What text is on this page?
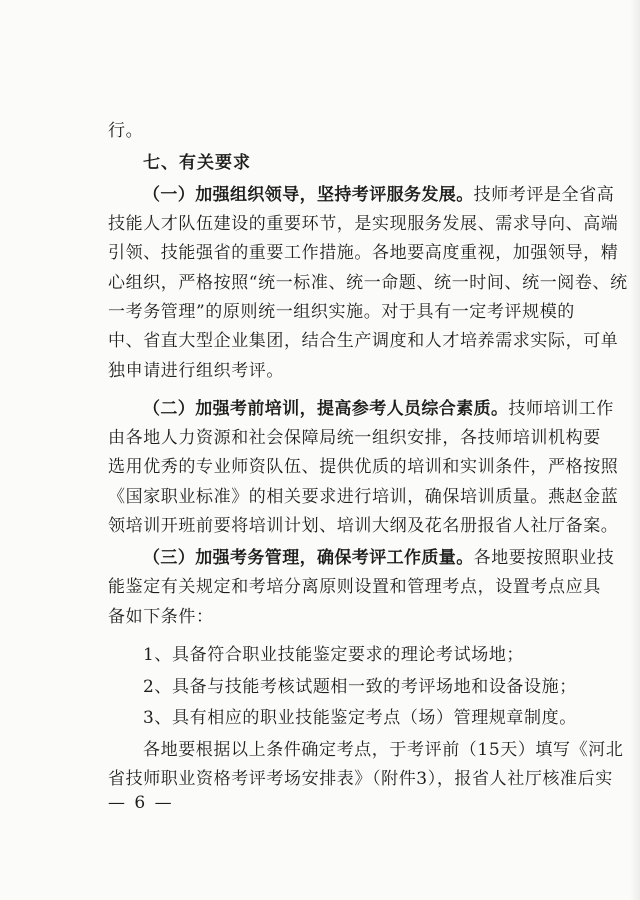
行。
七、有关要求
（一）加强组织领导，坚持考评服务发展。技师考评是全省高
技能人才队伍建设的重要环节，是实现服务发展、需求导向、高端
引领、技能强省的重要工作措施。各地要高度重视，加强领导，精
心组织，严格按照“统一标准、统一命题、统一时间、统一阅卷、统
一考务管理”的原则统一组织实施。对于具有一定考评规模的
中、省直大型企业集团，结合生产调度和人才培养需求实际，可单
独申请进行组织考评。
（二）加强考前培训，提高参考人员综合素质。技师培训工作
由各地人力资源和社会保障局统一组织安排，各技师培训机构要
选用优秀的专业师资队伍、提供优质的培训和实训条件，严格按照
《国家职业标准》的相关要求进行培训，确保培训质量。燕赵金蓝
领培训开班前要将培训计划、培训大纲及花名册报省人社厅备案。
（三）加强考务管理，确保考评工作质量。各地要按照职业技
能鉴定有关规定和考培分离原则设置和管理考点，设置考点应具
备如下条件：
1、具备符合职业技能鉴定要求的理论考试场地；
2、具备与技能考核试题相一致的考评场地和设备设施；
3、具有相应的职业技能鉴定考点（场）管理规章制度。
各地要根据以上条件确定考点，于考评前（15天）填写《河北
省技师职业资格考评考场安排表》（附件3），报省人社厅核准后实
— 6 —
